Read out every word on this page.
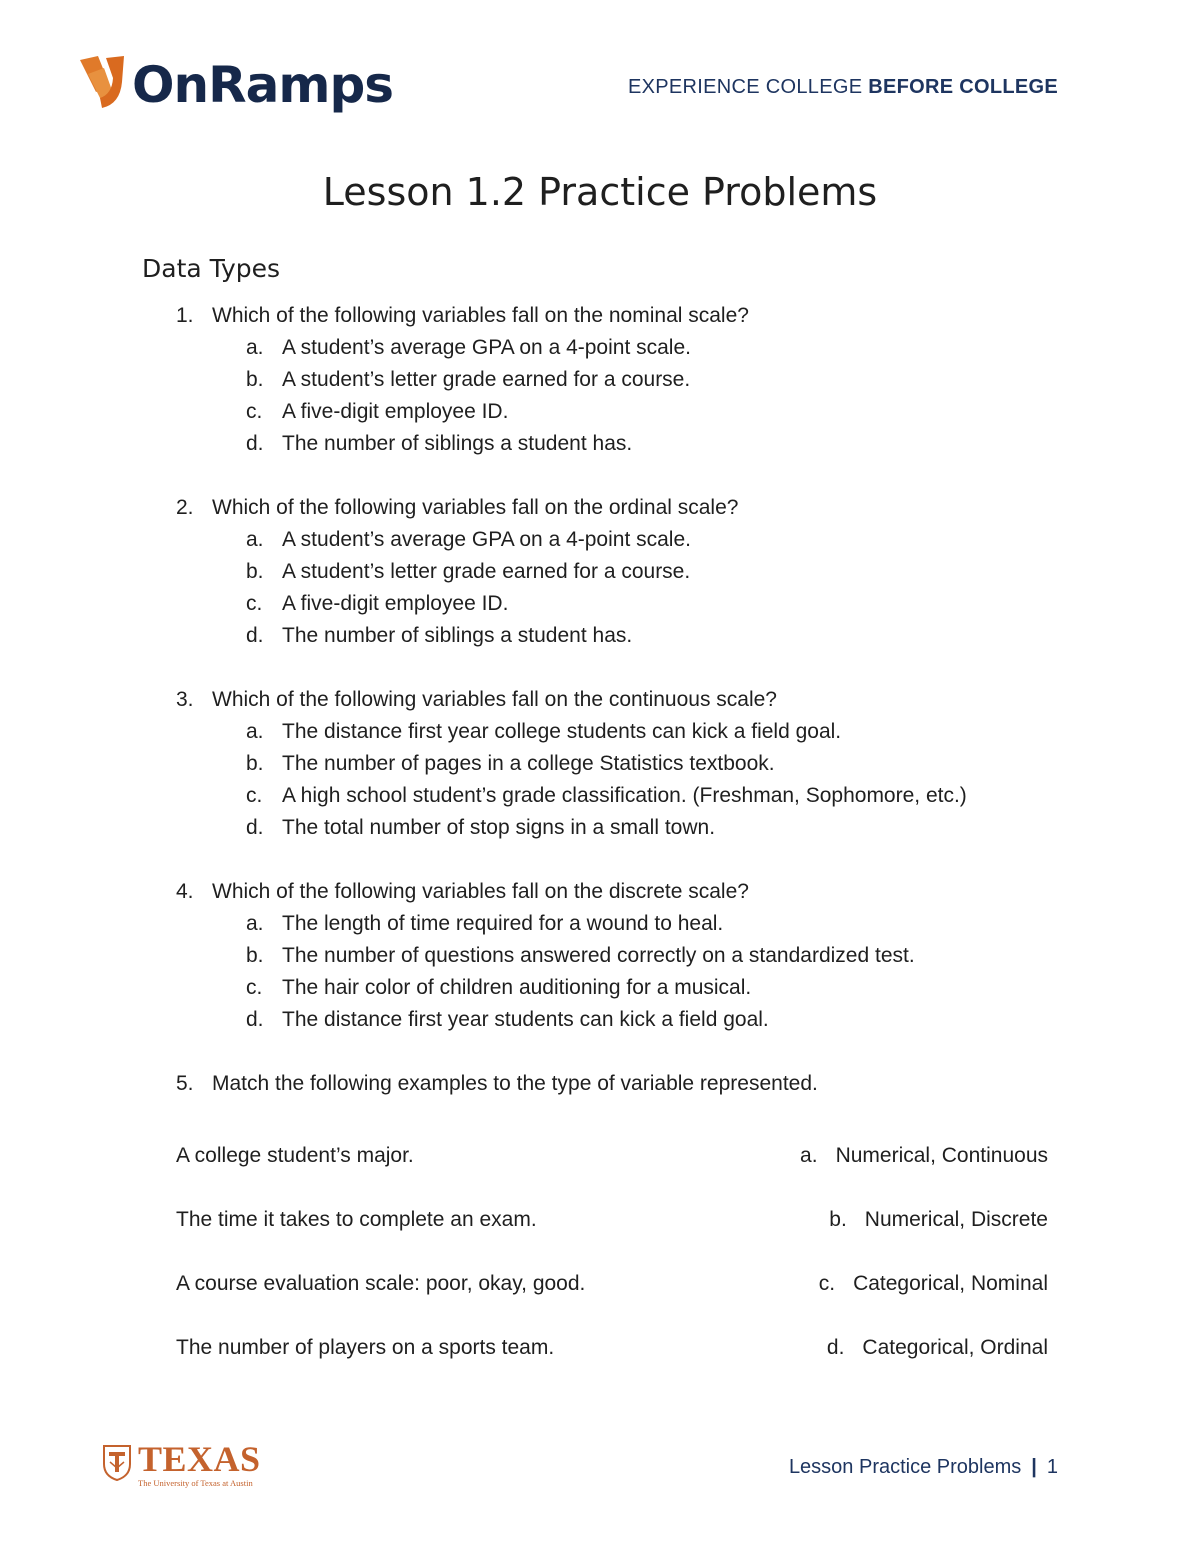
OnRamps	EXPERIENCE COLLEGE BEFORE COLLEGE
Lesson 1.2 Practice Problems
Data Types
1. Which of the following variables fall on the nominal scale?
a. A student’s average GPA on a 4-point scale.
b. A student’s letter grade earned for a course.
c. A five-digit employee ID.
d. The number of siblings a student has.
2. Which of the following variables fall on the ordinal scale?
a. A student’s average GPA on a 4-point scale.
b. A student’s letter grade earned for a course.
c. A five-digit employee ID.
d. The number of siblings a student has.
3. Which of the following variables fall on the continuous scale?
a. The distance first year college students can kick a field goal.
b. The number of pages in a college Statistics textbook.
c. A high school student’s grade classification. (Freshman, Sophomore, etc.)
d. The total number of stop signs in a small town.
4. Which of the following variables fall on the discrete scale?
a. The length of time required for a wound to heal.
b. The number of questions answered correctly on a standardized test.
c. The hair color of children auditioning for a musical.
d. The distance first year students can kick a field goal.
5. Match the following examples to the type of variable represented.
A college student’s major.	a. Numerical, Continuous
The time it takes to complete an exam.	b. Numerical, Discrete
A course evaluation scale: poor, okay, good.	c. Categorical, Nominal
The number of players on a sports team.	d. Categorical, Ordinal
TEXAS
The University of Texas at Austin
Lesson Practice Problems | 1
